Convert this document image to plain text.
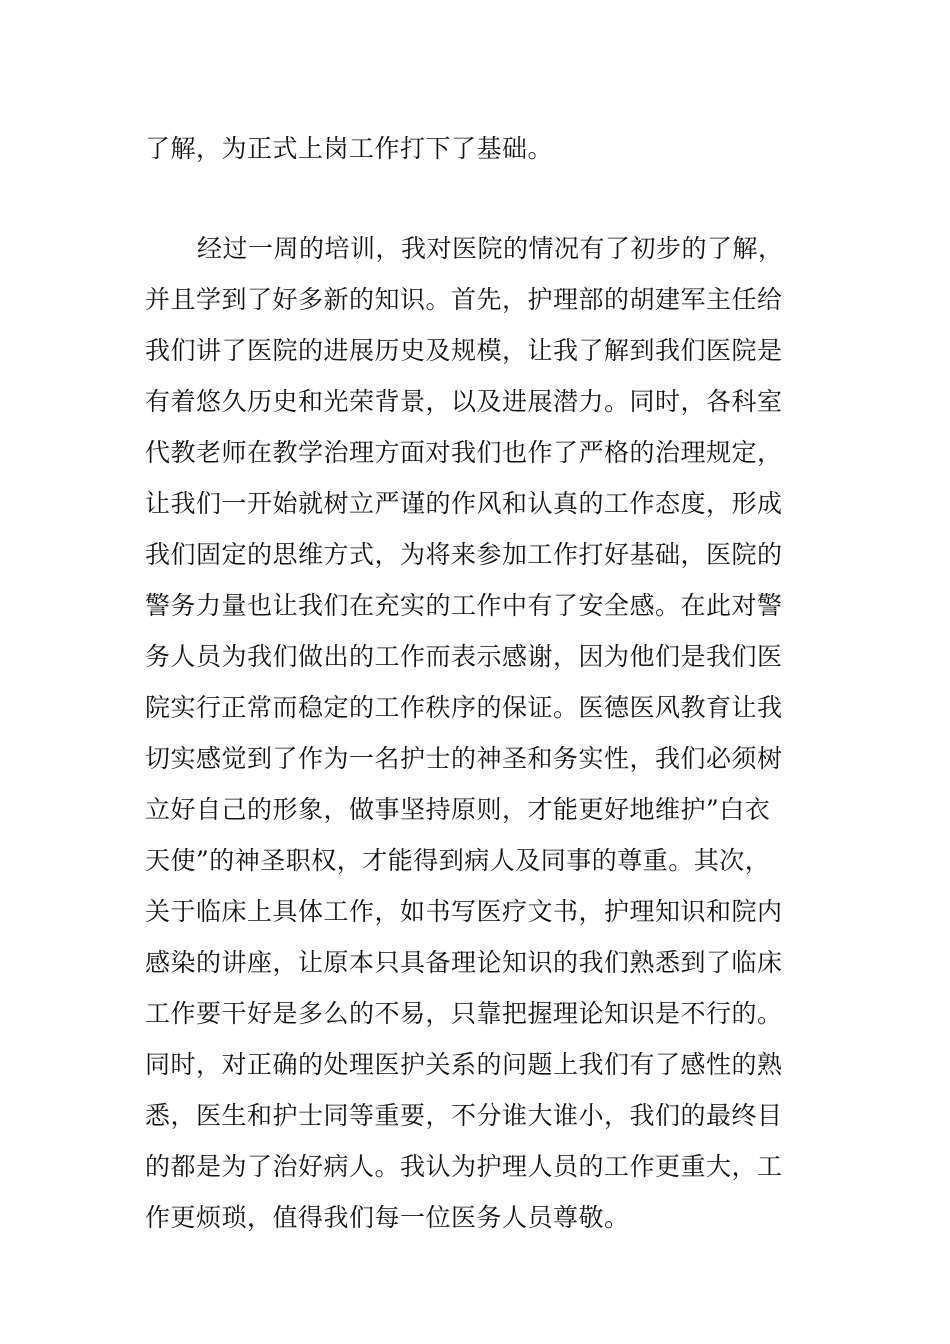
了解，为正式上岗工作打下了基础。
经过一周的培训，我对医院的情况有了初步的了解，
并且学到了好多新的知识。首先，护理部的胡建军主任给
我们讲了医院的进展历史及规模，让我了解到我们医院是
有着悠久历史和光荣背景，以及进展潜力。同时，各科室
代教老师在教学治理方面对我们也作了严格的治理规定，
让我们一开始就树立严谨的作风和认真的工作态度，形成
我们固定的思维方式，为将来参加工作打好基础，医院的
警务力量也让我们在充实的工作中有了安全感。在此对警
务人员为我们做出的工作而表示感谢，因为他们是我们医
院实行正常而稳定的工作秩序的保证。医德医风教育让我
切实感觉到了作为一名护士的神圣和务实性，我们必须树
立好自己的形象，做事坚持原则，才能更好地维护”白衣
天使”的神圣职权，才能得到病人及同事的尊重。其次，
关于临床上具体工作，如书写医疗文书，护理知识和院内
感染的讲座，让原本只具备理论知识的我们熟悉到了临床
工作要干好是多么的不易，只靠把握理论知识是不行的。
同时，对正确的处理医护关系的问题上我们有了感性的熟
悉，医生和护士同等重要，不分谁大谁小，我们的最终目
的都是为了治好病人。我认为护理人员的工作更重大，工
作更烦琐，值得我们每一位医务人员尊敬。
